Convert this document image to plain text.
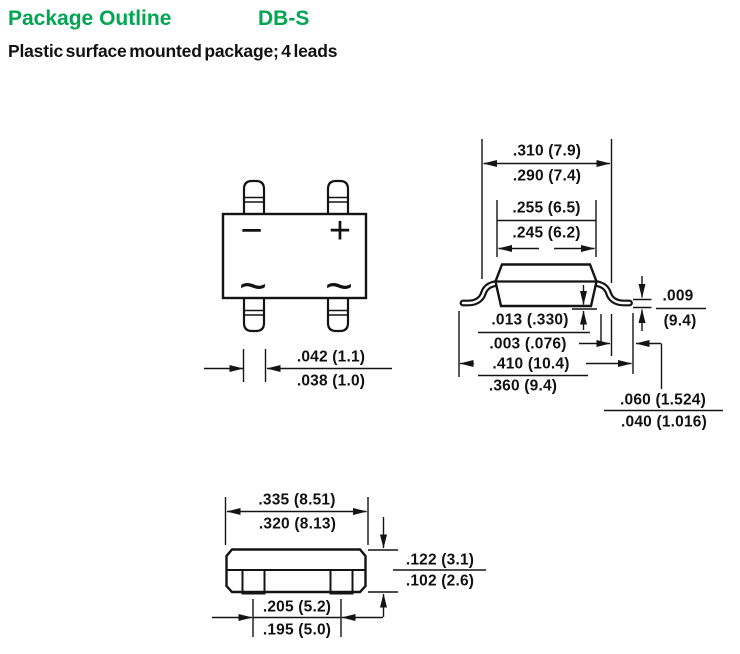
Package Outline	DB-S
Plastic surface mounted package; 4 leads
− +
~ ~
.042 (1.1)
.038 (1.0)
.310 (7.9)
.290 (7.4)
.255 (6.5)
.245 (6.2)
.013 (.330)
.003 (.076)
.410 (10.4)
.360 (9.4)
.009
(9.4)
.060 (1.524)
.040 (1.016)
.335 (8.51)
.320 (8.13)
.122 (3.1)
.102 (2.6)
.205 (5.2)
.195 (5.0)
